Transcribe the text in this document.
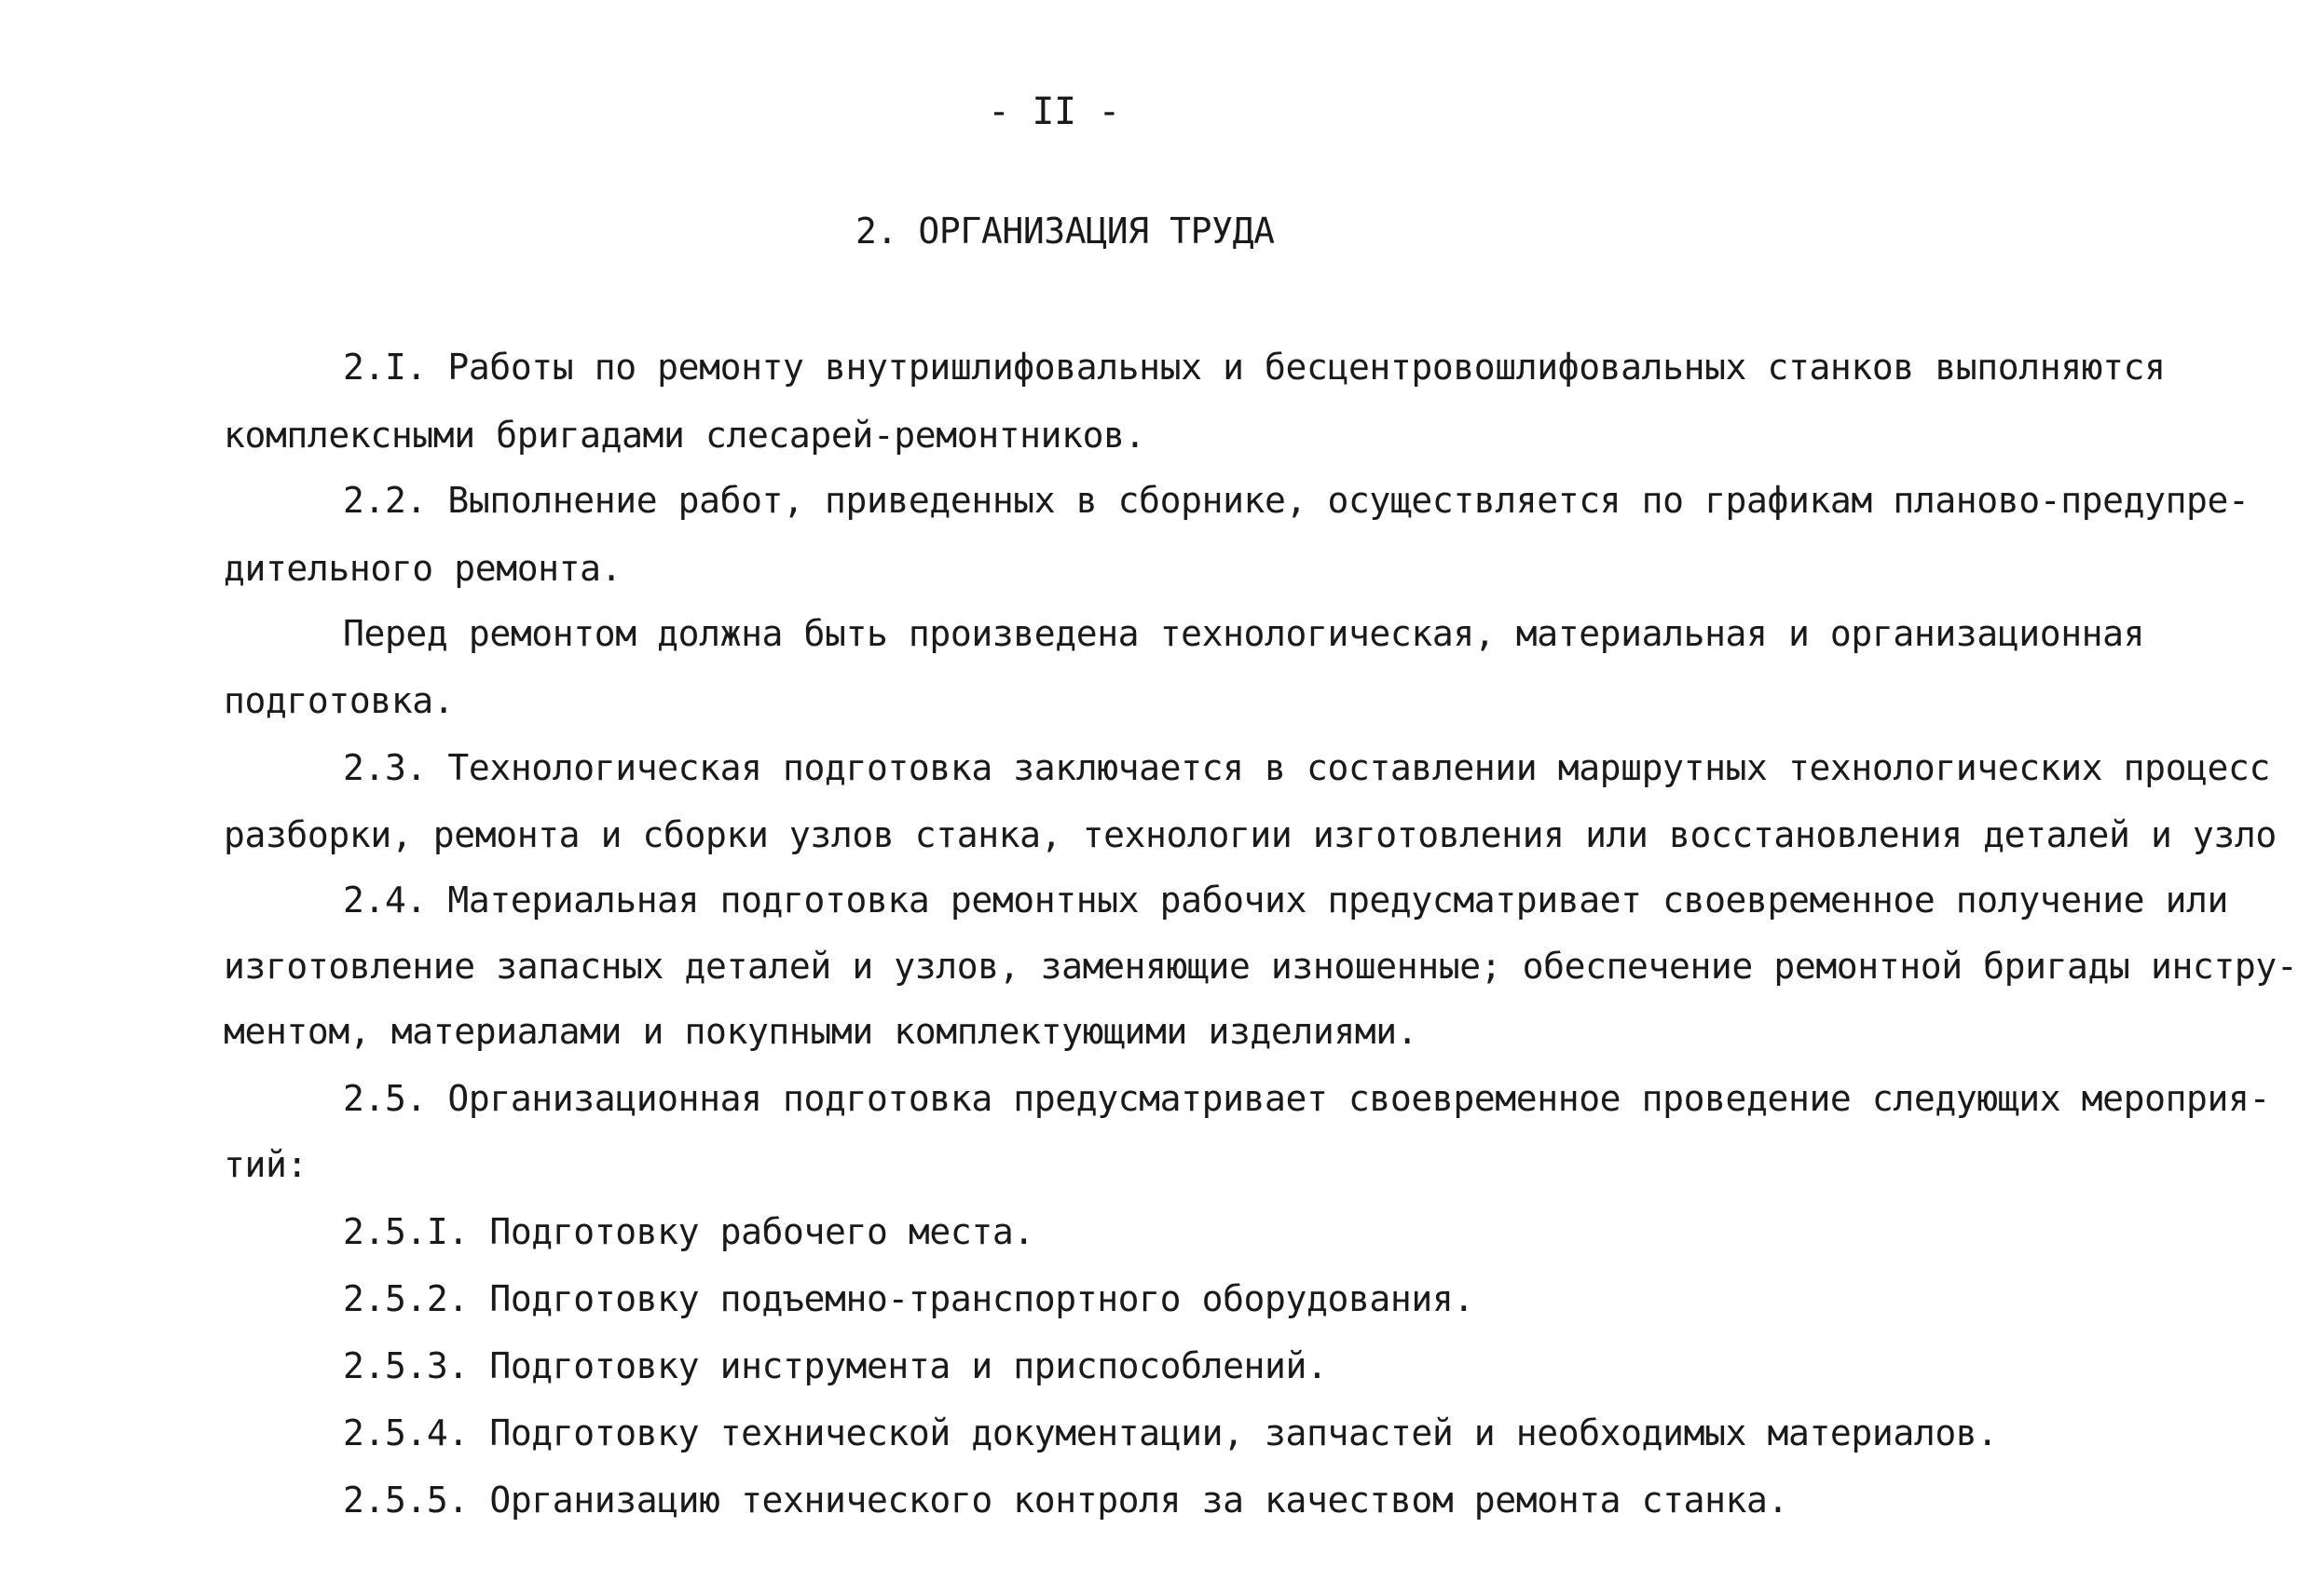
- II -
2. ОРГАНИЗАЦИЯ ТРУДА
2.I. Работы по ремонту внутришлифовальных и бесцентровошлифовальных станков выполняются
комплексными бригадами слесарей-ремонтников.
2.2. Выполнение работ, приведенных в сборнике, осуществляется по графикам планово-предупре-
дительного ремонта.
Перед ремонтом должна быть произведена технологическая, материальная и организационная
подготовка.
2.3. Технологическая подготовка заключается в составлении маршрутных технологических процесс
разборки, ремонта и сборки узлов станка, технологии изготовления или восстановления деталей и узло
2.4. Материальная подготовка ремонтных рабочих предусматривает своевременное получение или
изготовление запасных деталей и узлов, заменяющие изношенные; обеспечение ремонтной бригады инстру-
ментом, материалами и покупными комплектующими изделиями.
2.5. Организационная подготовка предусматривает своевременное проведение следующих мероприя-
тий:
2.5.I. Подготовку рабочего места.
2.5.2. Подготовку подъемно-транспортного оборудования.
2.5.3. Подготовку инструмента и приспособлений.
2.5.4. Подготовку технической документации, запчастей и необходимых материалов.
2.5.5. Организацию технического контроля за качеством ремонта станка.
